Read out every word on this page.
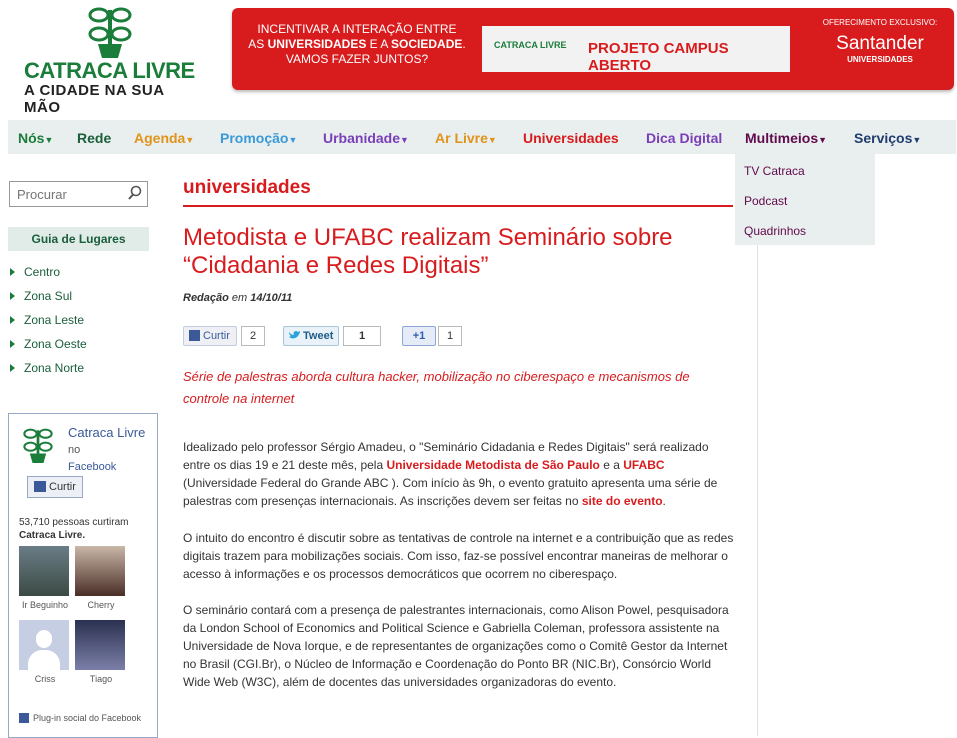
CATRACA LIVRE
A CIDADE NA SUA MÃO
INCENTIVAR A INTERAÇÃO ENTRE
AS UNIVERSIDADES E A SOCIEDADE.
VAMOS FAZER JUNTOS?
CATRACA LIVRE PROJETO CAMPUS ABERTO
OFERECIMENTO EXCLUSIVO:
Santander
UNIVERSIDADES
Nós▼ Rede Agenda▼ Promoção▼ Urbanidade▼ Ar Livre▼ Universidades Dica Digital Multimeios▼ Serviços▼
TV Catraca
Podcast
Quadrinhos
Procurar
Guia de Lugares
Centro
Zona Sul
Zona Leste
Zona Oeste
Zona Norte
Catraca Livre no
Facebook
Curtir
53,710 pessoas curtiram
Catraca Livre.
Ir Beguinho	Cherry
Criss	Tiago
Plug-in social do Facebook
universidades
Metodista e UFABC realizam Seminário sobre “Cidadania e Redes Digitais”
Redação em 14/10/11
Curtir	2	Tweet	1	+1	1
Série de palestras aborda cultura hacker, mobilização no ciberespaço e mecanismos de controle na internet
Idealizado pelo professor Sérgio Amadeu, o "Seminário Cidadania e Redes Digitais" será realizado entre os dias 19 e 21 deste mês, pela Universidade Metodista de São Paulo e a UFABC (Universidade Federal do Grande ABC ). Com início às 9h, o evento gratuito apresenta uma série de palestras com presenças internacionais. As inscrições devem ser feitas no site do evento.
O intuito do encontro é discutir sobre as tentativas de controle na internet e a contribuição que as redes digitais trazem para mobilizações sociais. Com isso, faz-se possível encontrar maneiras de melhorar o acesso à informações e os processos democráticos que ocorrem no ciberespaço.
O seminário contará com a presença de palestrantes internacionais, como Alison Powel, pesquisadora da London School of Economics and Political Science e Gabriella Coleman, professora assistente na Universidade de Nova Iorque, e de representantes de organizações como o Comitê Gestor da Internet no Brasil (CGI.Br), o Núcleo de Informação e Coordenação do Ponto BR (NIC.Br), Consórcio World Wide Web (W3C), além de docentes das universidades organizadoras do evento.
